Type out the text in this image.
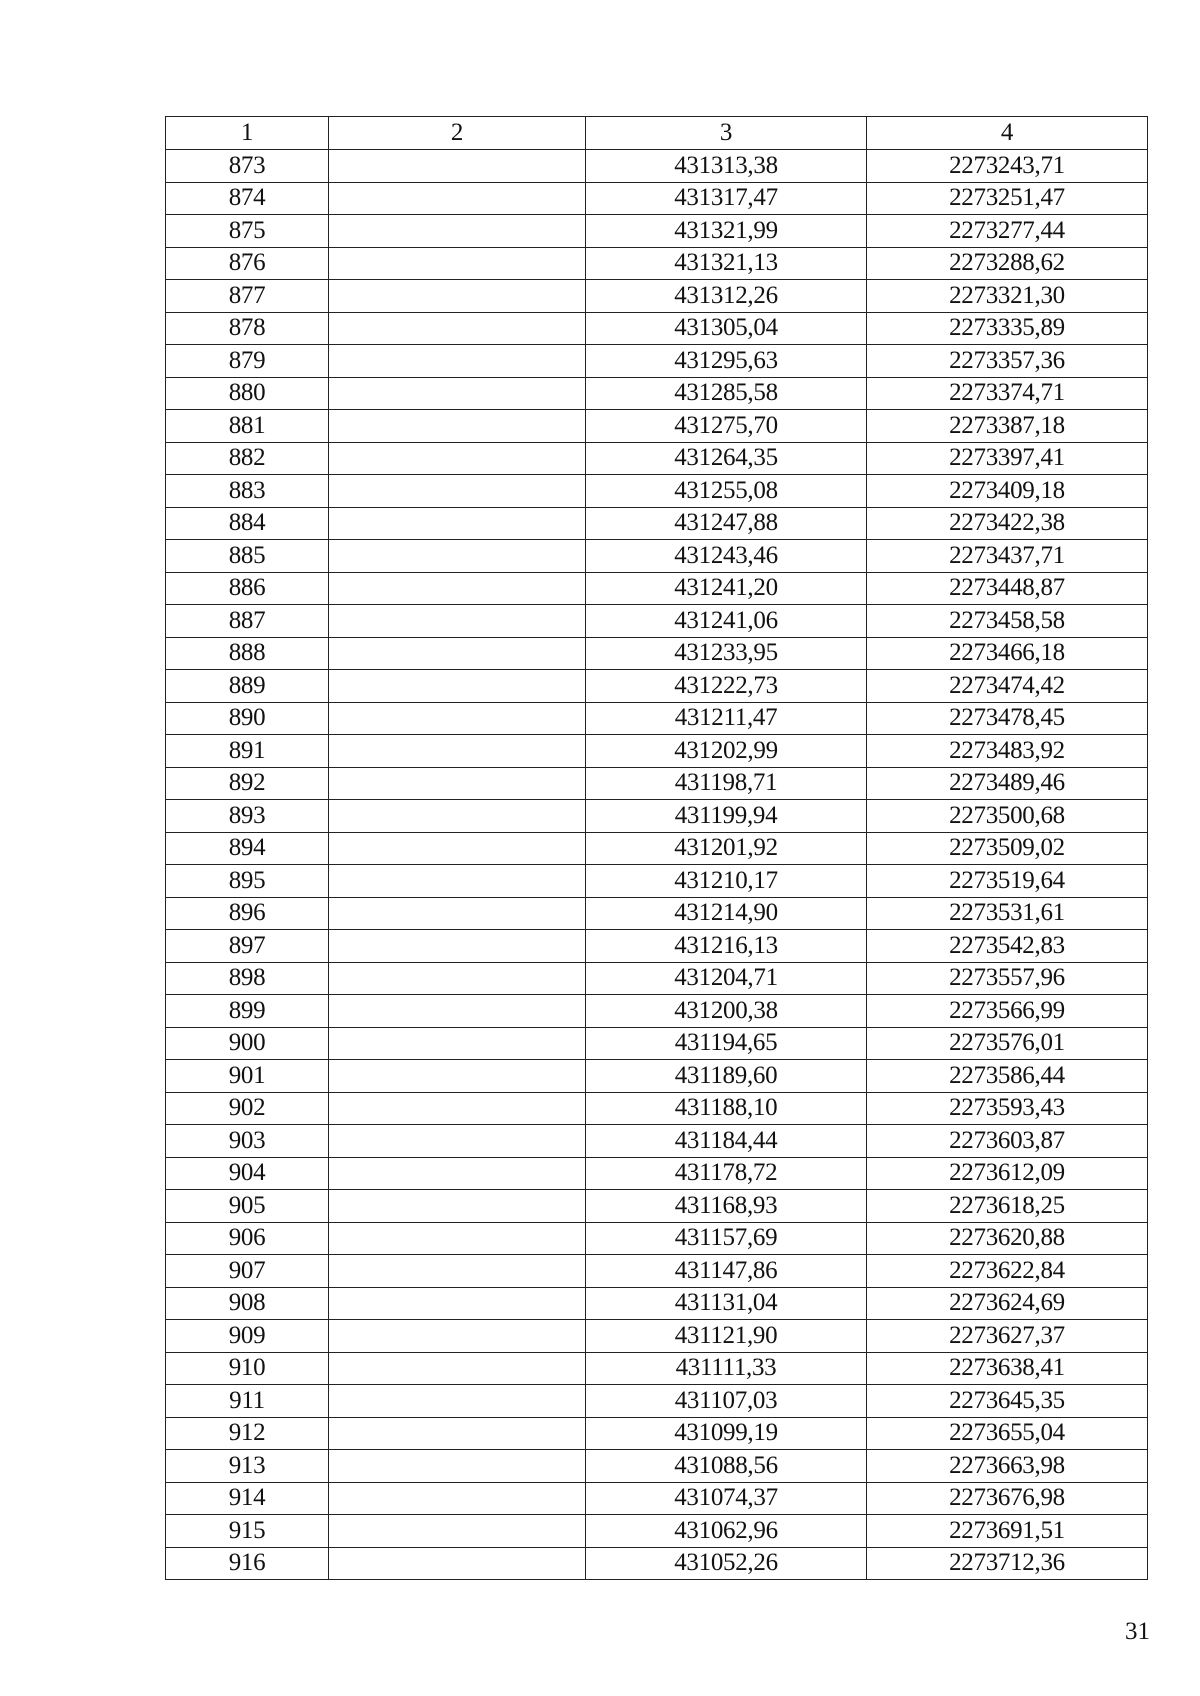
1	2	3	4
873		431313,38	2273243,71
874		431317,47	2273251,47
875		431321,99	2273277,44
876		431321,13	2273288,62
877		431312,26	2273321,30
878		431305,04	2273335,89
879		431295,63	2273357,36
880		431285,58	2273374,71
881		431275,70	2273387,18
882		431264,35	2273397,41
883		431255,08	2273409,18
884		431247,88	2273422,38
885		431243,46	2273437,71
886		431241,20	2273448,87
887		431241,06	2273458,58
888		431233,95	2273466,18
889		431222,73	2273474,42
890		431211,47	2273478,45
891		431202,99	2273483,92
892		431198,71	2273489,46
893		431199,94	2273500,68
894		431201,92	2273509,02
895		431210,17	2273519,64
896		431214,90	2273531,61
897		431216,13	2273542,83
898		431204,71	2273557,96
899		431200,38	2273566,99
900		431194,65	2273576,01
901		431189,60	2273586,44
902		431188,10	2273593,43
903		431184,44	2273603,87
904		431178,72	2273612,09
905		431168,93	2273618,25
906		431157,69	2273620,88
907		431147,86	2273622,84
908		431131,04	2273624,69
909		431121,90	2273627,37
910		431111,33	2273638,41
911		431107,03	2273645,35
912		431099,19	2273655,04
913		431088,56	2273663,98
914		431074,37	2273676,98
915		431062,96	2273691,51
916		431052,26	2273712,36
31
